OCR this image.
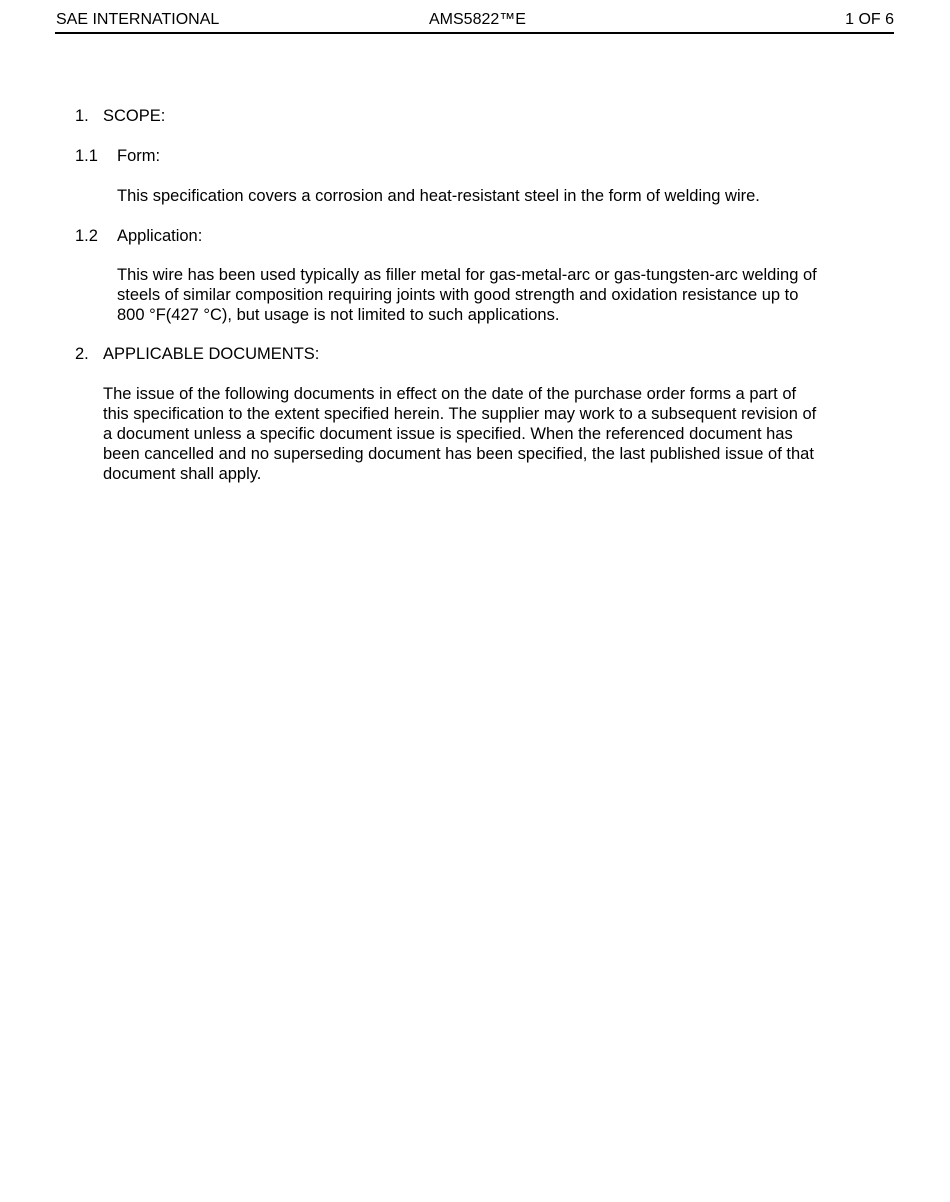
SAE INTERNATIONAL	AMS5822™E	1 OF 6
1. SCOPE:
1.1 Form:
This specification covers a corrosion and heat-resistant steel in the form of welding wire.
1.2 Application:
This wire has been used typically as filler metal for gas-metal-arc or gas-tungsten-arc welding of
steels of similar composition requiring joints with good strength and oxidation resistance up to
800 °F(427 °C), but usage is not limited to such applications.
2. APPLICABLE DOCUMENTS:
The issue of the following documents in effect on the date of the purchase order forms a part of
this specification to the extent specified herein. The supplier may work to a subsequent revision of
a document unless a specific document issue is specified. When the referenced document has
been cancelled and no superseding document has been specified, the last published issue of that
document shall apply.
